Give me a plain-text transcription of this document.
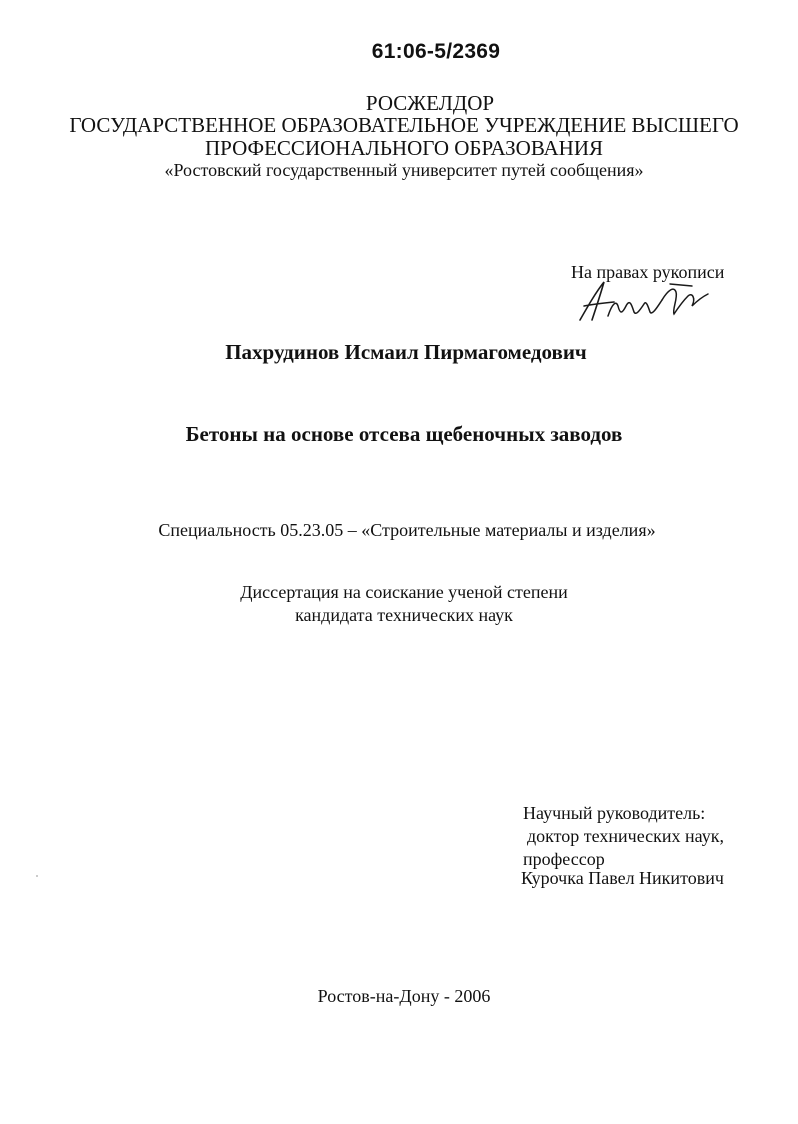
61:06-5/2369
РОСЖЕЛДОР
ГОСУДАРСТВЕННОЕ ОБРАЗОВАТЕЛЬНОЕ УЧРЕЖДЕНИЕ ВЫСШЕГО
ПРОФЕССИОНАЛЬНОГО ОБРАЗОВАНИЯ
«Ростовский государственный университет путей сообщения»
На правах рукописи
Пахрудинов Исмаил Пирмагомедович
Бетоны на основе отсева щебеночных заводов
Специальность 05.23.05 – «Строительные материалы и изделия»
Диссертация на соискание ученой степени
кандидата технических наук
Научный руководитель:
доктор технических наук,
профессор
Курочка Павел Никитович
Ростов-на-Дону - 2006
